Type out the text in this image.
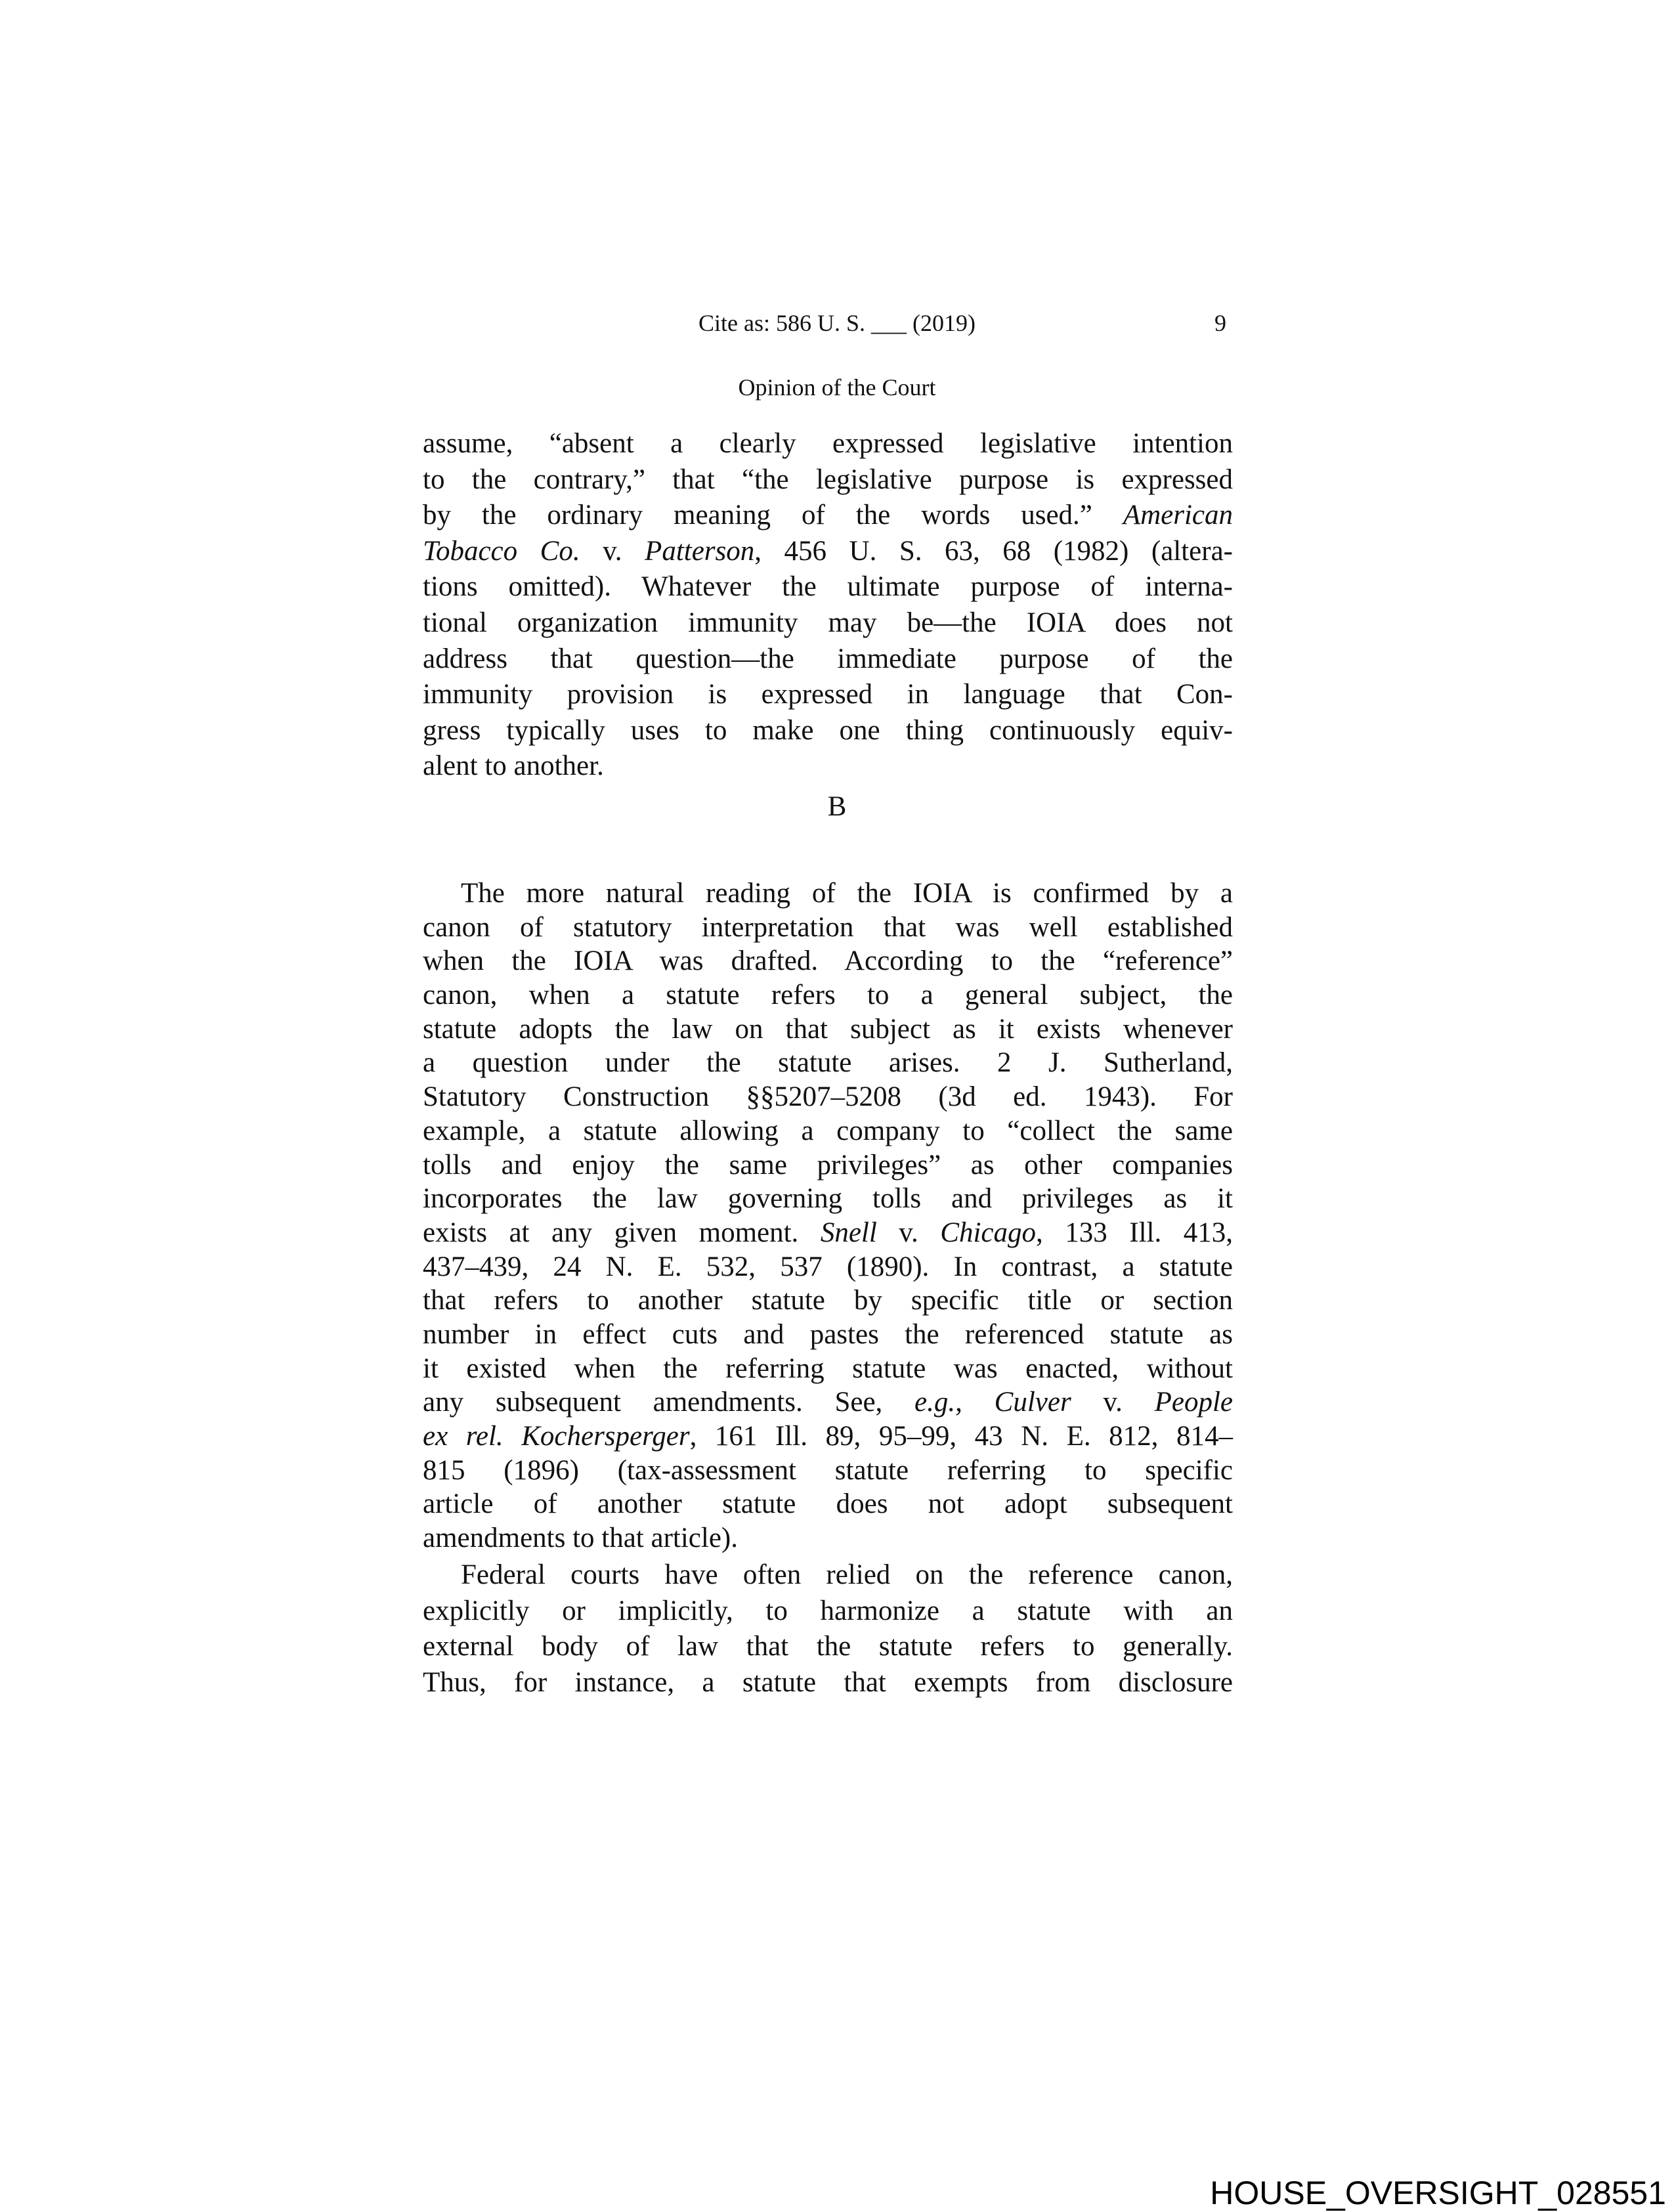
Cite as: 586 U. S. ___ (2019)	9
Opinion of the Court
assume, “absent a clearly expressed legislative intention
to the contrary,” that “the legislative purpose is expressed
by the ordinary meaning of the words used.” American
Tobacco Co. v. Patterson, 456 U. S. 63, 68 (1982) (altera-
tions omitted). Whatever the ultimate purpose of interna-
tional organization immunity may be—the IOIA does not
address that question—the immediate purpose of the
immunity provision is expressed in language that Con-
gress typically uses to make one thing continuously equiv-
alent to another.
B
The more natural reading of the IOIA is confirmed by a
canon of statutory interpretation that was well established
when the IOIA was drafted. According to the “reference”
canon, when a statute refers to a general subject, the
statute adopts the law on that subject as it exists whenever
a question under the statute arises. 2 J. Sutherland,
Statutory Construction §§5207–5208 (3d ed. 1943). For
example, a statute allowing a company to “collect the same
tolls and enjoy the same privileges” as other companies
incorporates the law governing tolls and privileges as it
exists at any given moment. Snell v. Chicago, 133 Ill. 413,
437–439, 24 N. E. 532, 537 (1890). In contrast, a statute
that refers to another statute by specific title or section
number in effect cuts and pastes the referenced statute as
it existed when the referring statute was enacted, without
any subsequent amendments. See, e.g., Culver v. People
ex rel. Kochersperger, 161 Ill. 89, 95–99, 43 N. E. 812, 814–
815 (1896) (tax-assessment statute referring to specific
article of another statute does not adopt subsequent
amendments to that article).
Federal courts have often relied on the reference canon,
explicitly or implicitly, to harmonize a statute with an
external body of law that the statute refers to generally.
Thus, for instance, a statute that exempts from disclosure
HOUSE_OVERSIGHT_028551
